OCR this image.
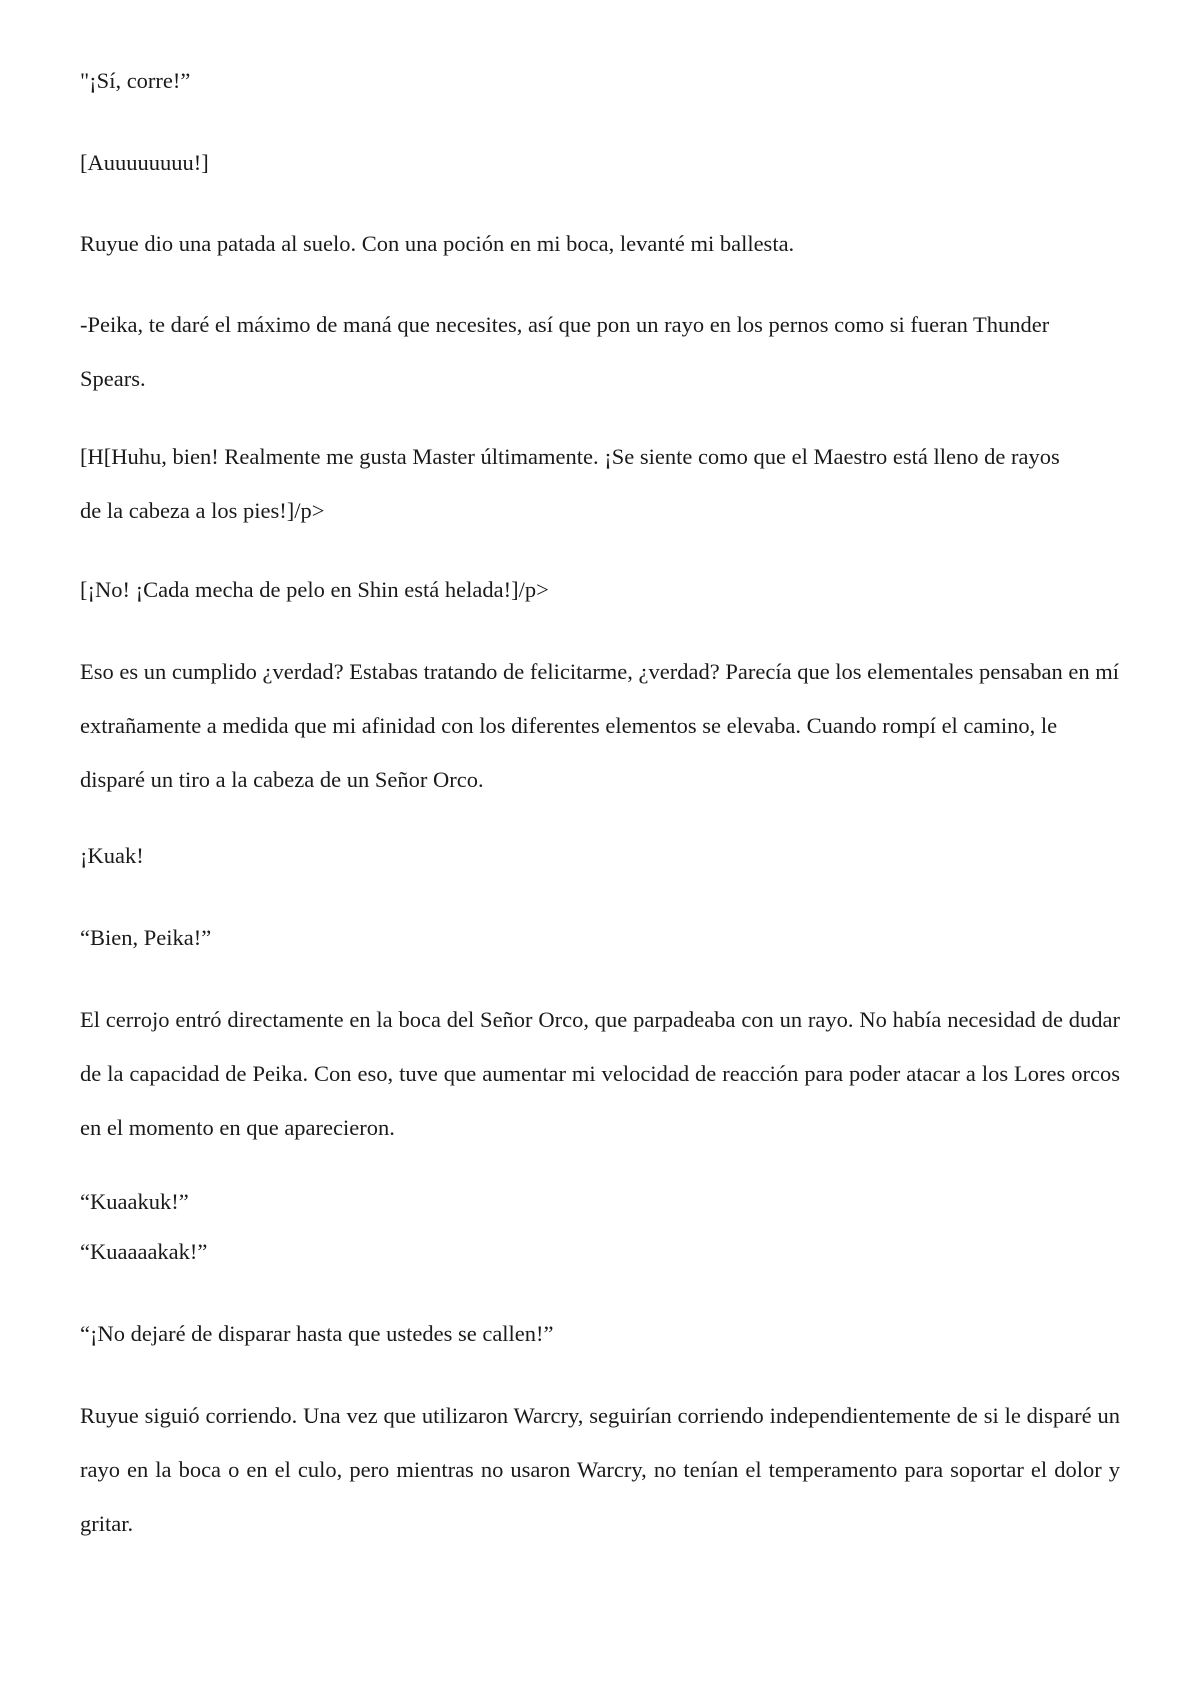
"¡Sí, corre!”

[Auuuuuuuu!]

Ruyue dio una patada al suelo. Con una poción en mi boca, levanté mi ballesta.

-Peika, te daré el máximo de maná que necesites, así que pon un rayo en los pernos como si fueran Thunder Spears.

[H[Huhu, bien! Realmente me gusta Master últimamente. ¡Se siente como que el Maestro está lleno de rayos de la cabeza a los pies!]/p>

[¡No! ¡Cada mecha de pelo en Shin está helada!]/p>

Eso es un cumplido ¿verdad? Estabas tratando de felicitarme, ¿verdad? Parecía que los elementales pensaban en mí extrañamente a medida que mi afinidad con los diferentes elementos se elevaba. Cuando rompí el camino, le disparé un tiro a la cabeza de un Señor Orco.

¡Kuak!

“Bien, Peika!”

El cerrojo entró directamente en la boca del Señor Orco, que parpadeaba con un rayo. No había necesidad de dudar de la capacidad de Peika. Con eso, tuve que aumentar mi velocidad de reacción para poder atacar a los Lores orcos en el momento en que aparecieron.

“Kuaakuk!”
“Kuaaaakak!”

“¡No dejaré de disparar hasta que ustedes se callen!”

Ruyue siguió corriendo. Una vez que utilizaron Warcry, seguirían corriendo independientemente de si le disparé un rayo en la boca o en el culo, pero mientras no usaron Warcry, no tenían el temperamento para soportar el dolor y gritar.
